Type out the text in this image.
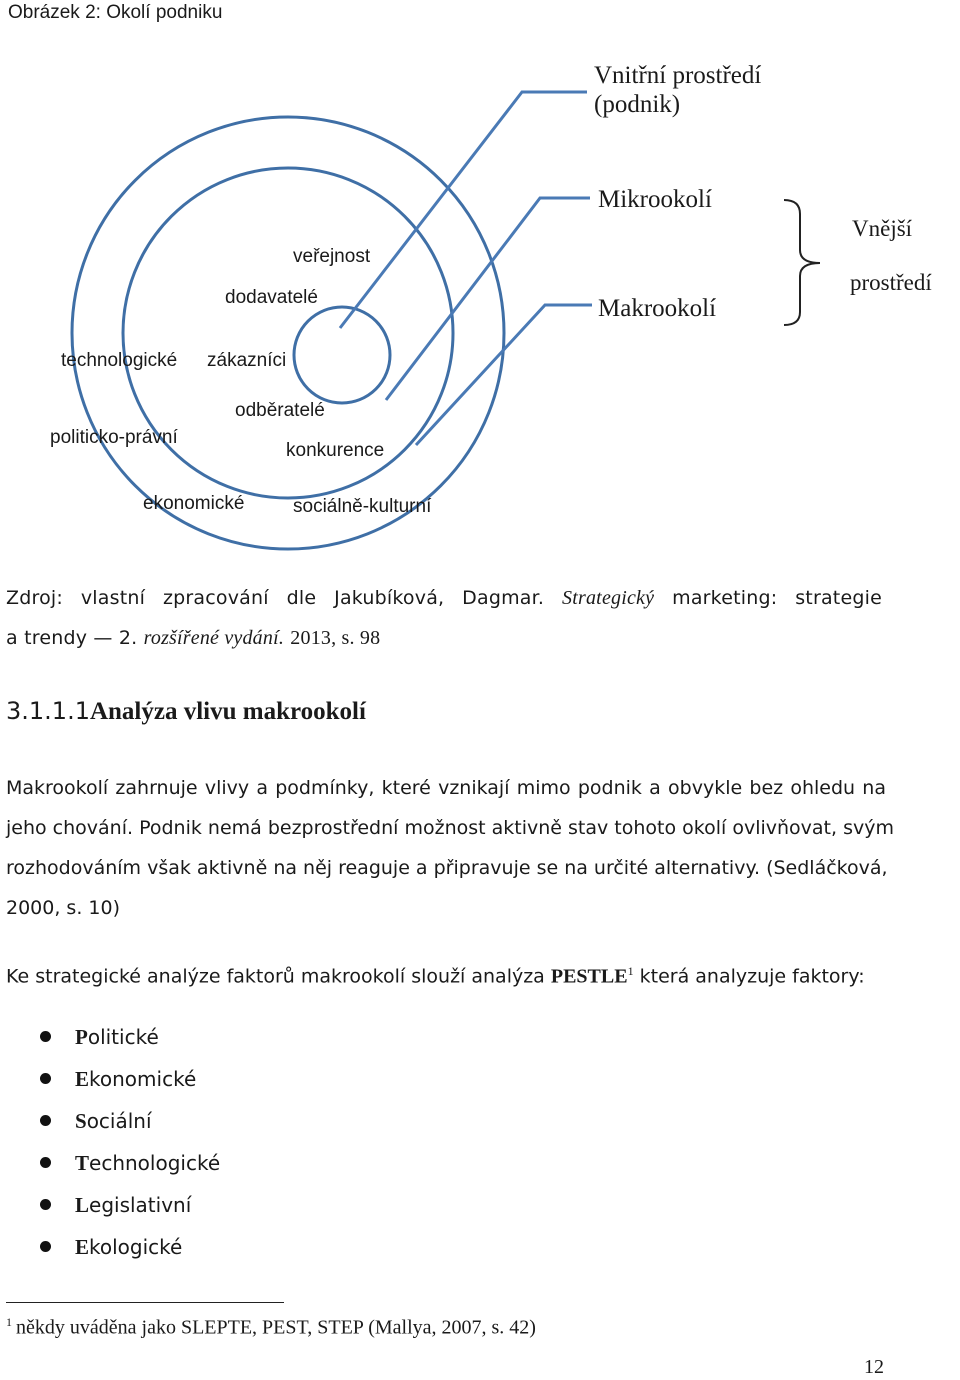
Obrázek 2: Okolí podniku
Vnitřní prostředí
(podnik)
Mikrookolí
Makrookolí
Vnější
prostředí
veřejnost
dodavatelé
technologické zákazníci
odběratelé
politicko-právní
konkurence
ekonomické	sociálně-kulturní
Zdroj: vlastní zpracování dle Jakubíková, Dagmar. Strategický marketing: strategie
a trendy — 2. rozšířené vydání. 2013, s. 98
3.1.1.1Analýza vlivu makrookolí
Makrookolí zahrnuje vlivy a podmínky, které vznikají mimo podnik a obvykle bez ohledu na
jeho chování. Podnik nemá bezprostřední možnost aktivně stav tohoto okolí ovlivňovat, svým
rozhodováním však aktivně na něj reaguje a připravuje se na určité alternativy. (Sedláčková,
2000, s. 10)
Ke strategické analýze faktorů makrookolí slouží analýza PESTLE$^1$ která analyzuje faktory:
Politické
Ekonomické
Sociální
Technologické
Legislativní
Ekologické
$^1$ někdy uváděna jako SLEPTE, PEST, STEP (Mallya, 2007, s. 42)
12
